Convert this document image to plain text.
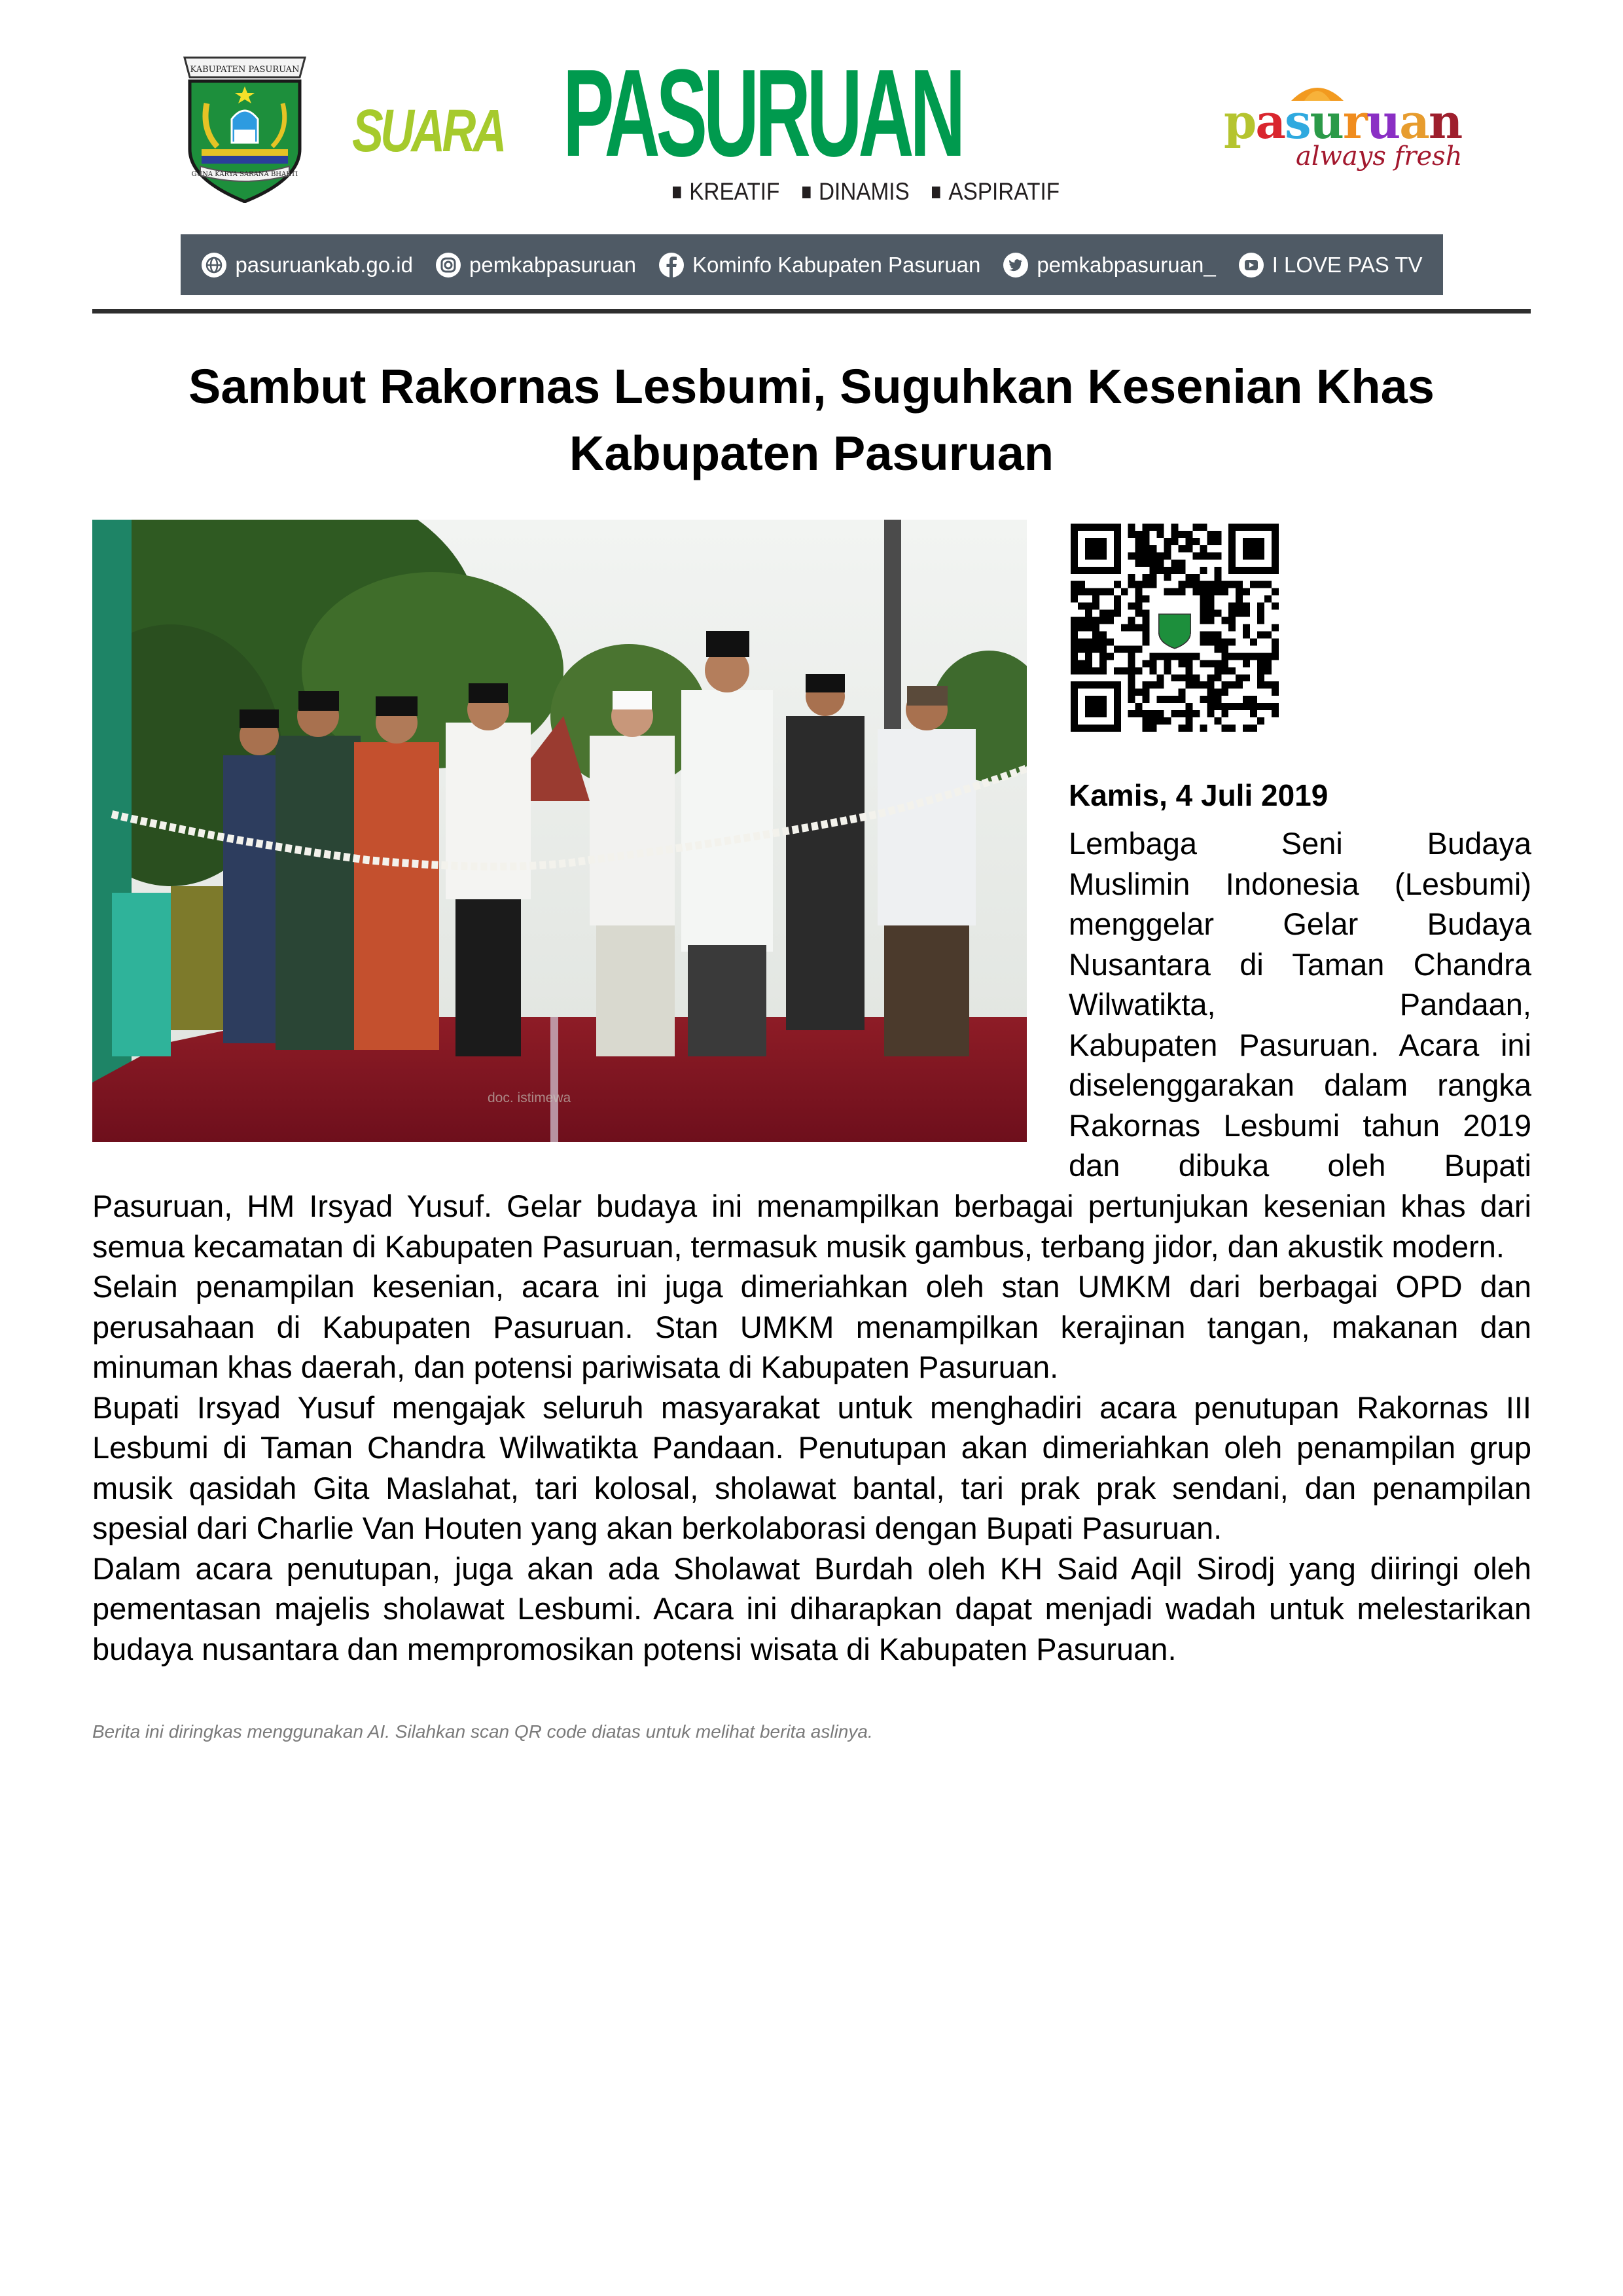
KABUPATEN PASURUAN
GUNA KARYA SARANA BHAKTI
SUARA PASURUAN
KREATIF DINAMIS ASPIRATIF
pasuruan
always fresh
pasuruankab.go.id	pemkabpasuruan	Kominfo Kabupaten Pasuruan	pemkabpasuruan_	I LOVE PAS TV
Sambut Rakornas Lesbumi, Suguhkan Kesenian Khas
Kabupaten Pasuruan
doc. istimewa
Kamis, 4 Juli 2019

Lembaga Seni Budaya

Muslimin Indonesia (Lesbumi)

menggelar Gelar Budaya

Nusantara di Taman Chandra

Wilwatikta, Pandaan,

Kabupaten Pasuruan. Acara ini

diselenggarakan dalam rangka

Rakornas Lesbumi tahun 2019

dan dibuka oleh Bupati

Pasuruan, HM Irsyad Yusuf. Gelar budaya ini menampilkan berbagai pertunjukan kesenian khas dari semua kecamatan di Kabupaten Pasuruan, termasuk musik gambus, terbang jidor, dan akustik modern.

Selain penampilan kesenian, acara ini juga dimeriahkan oleh stan UMKM dari berbagai OPD dan perusahaan di Kabupaten Pasuruan. Stan UMKM menampilkan kerajinan tangan, makanan dan minuman khas daerah, dan potensi pariwisata di Kabupaten Pasuruan.

Bupati Irsyad Yusuf mengajak seluruh masyarakat untuk menghadiri acara penutupan Rakornas III Lesbumi di Taman Chandra Wilwatikta Pandaan. Penutupan akan dimeriahkan oleh penampilan grup musik qasidah Gita Maslahat, tari kolosal, sholawat bantal, tari prak prak sendani, dan penampilan spesial dari Charlie Van Houten yang akan berkolaborasi dengan Bupati Pasuruan.

Dalam acara penutupan, juga akan ada Sholawat Burdah oleh KH Said Aqil Sirodj yang diiringi oleh pementasan majelis sholawat Lesbumi. Acara ini diharapkan dapat menjadi wadah untuk melestarikan budaya nusantara dan mempromosikan potensi wisata di Kabupaten Pasuruan.

Berita ini diringkas menggunakan AI. Silahkan scan QR code diatas untuk melihat berita aslinya.
